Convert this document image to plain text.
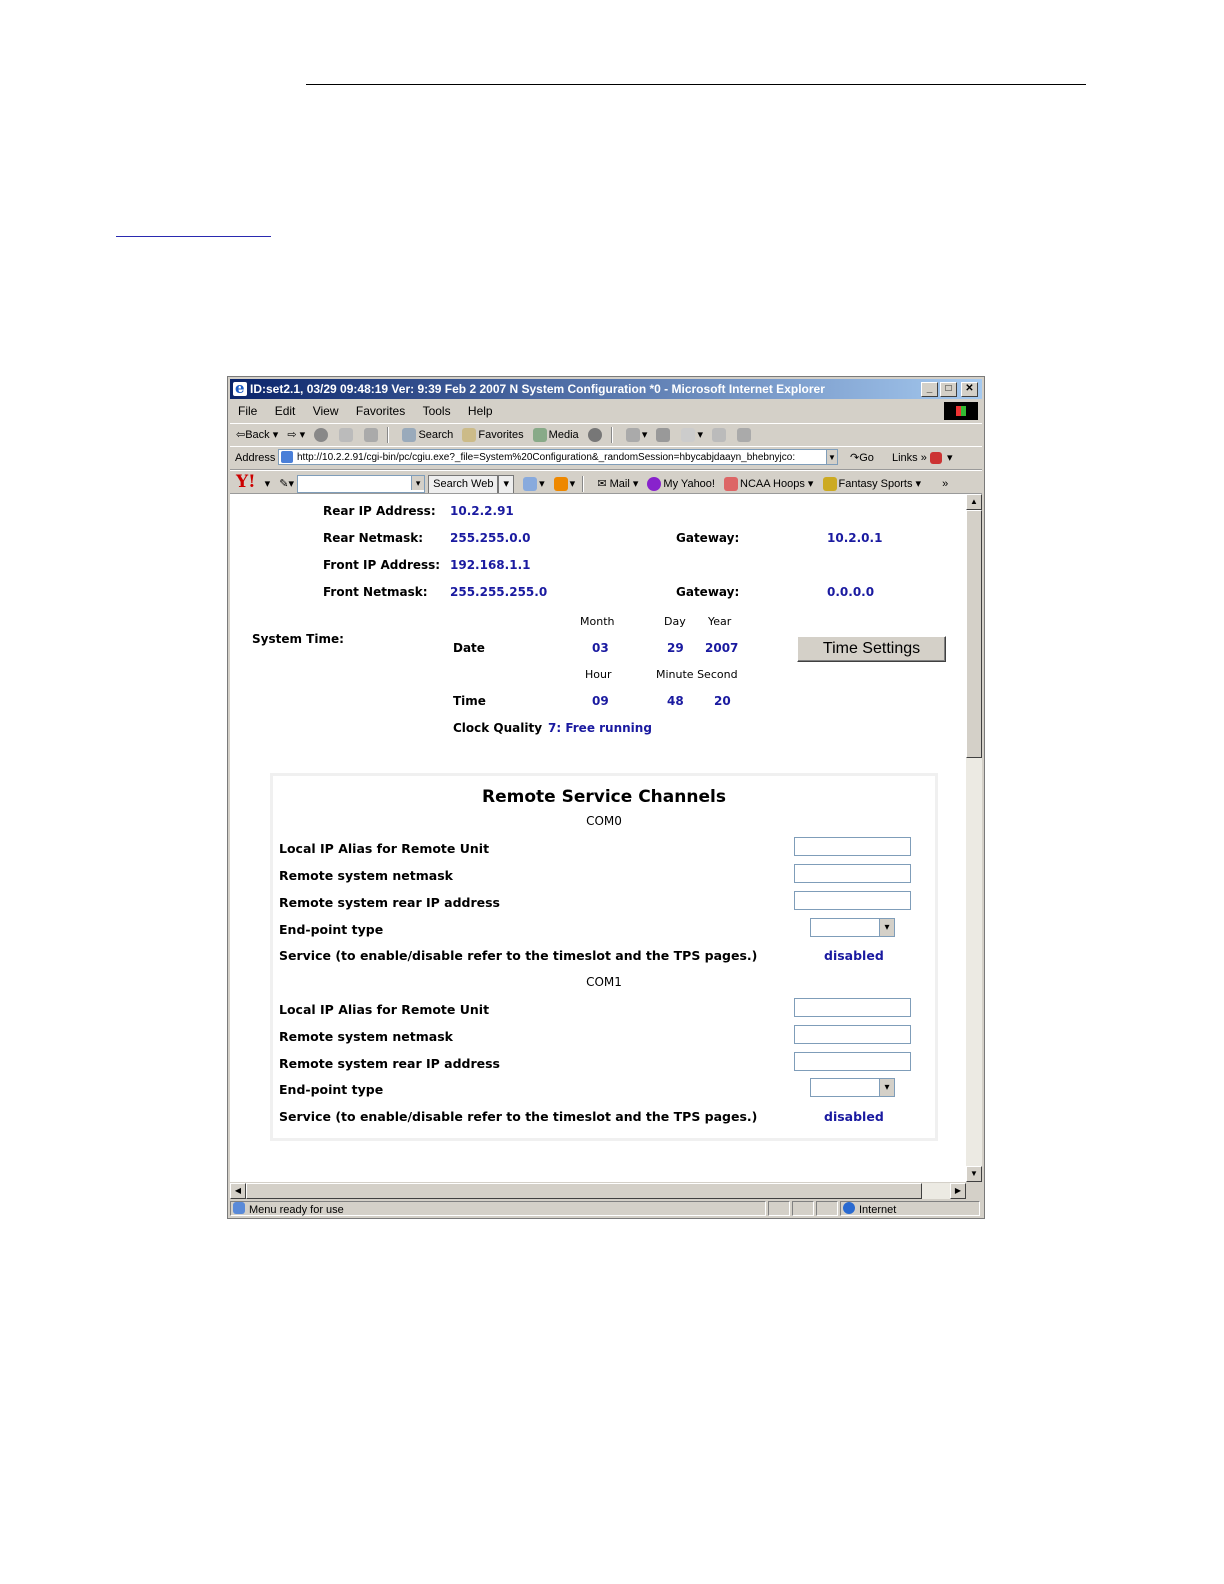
e
ID:set2.1, 03/29 09:48:19 Ver: 9:39 Feb 2 2007 N System Configuration *0 - Microsoft Internet Explorer	_	□	✕
File Edit View Favorites Tools Help
⇦Back ▾ ⇨ ▾	Search Favorites Media	▾	▾
Address	http://10.2.2.91/cgi-bin/pc/cgiu.exe?_file=System%20Configuration&_randomSession=hbycabjdaayn_bhebnyjco:	▼ ↷Go Links »  ▾
Y! ▾ ✎▾ ▾	Search Web ▾	▾ ▾ ✉ Mail ▾ My Yahoo! NCAA Hoops ▾ Fantasy Sports ▾ »
Rear IP Address: 10.2.2.91
Rear Netmask: 255.255.0.0	Gateway:	10.2.0.1
Front IP Address: 192.168.1.1
Front Netmask: 255.255.255.0	Gateway:	0.0.0.0
System Time:
Month	Day Year
Date	03	29 2007	Time Settings
Hour	Minute Second
Time	09	48	20
Clock Quality 7: Free running
Remote Service Channels
COM0
Local IP Alias for Remote Unit
Remote system netmask
Remote system rear IP address
End-point type
▾
Service (to enable/disable refer to the timeslot and the TPS pages.)	disabled
COM1
Local IP Alias for Remote Unit
Remote system netmask
Remote system rear IP address
End-point type
▾
Service (to enable/disable refer to the timeslot and the TPS pages.)	disabled
▲
▼
◀	▶
Menu ready for use	Internet
